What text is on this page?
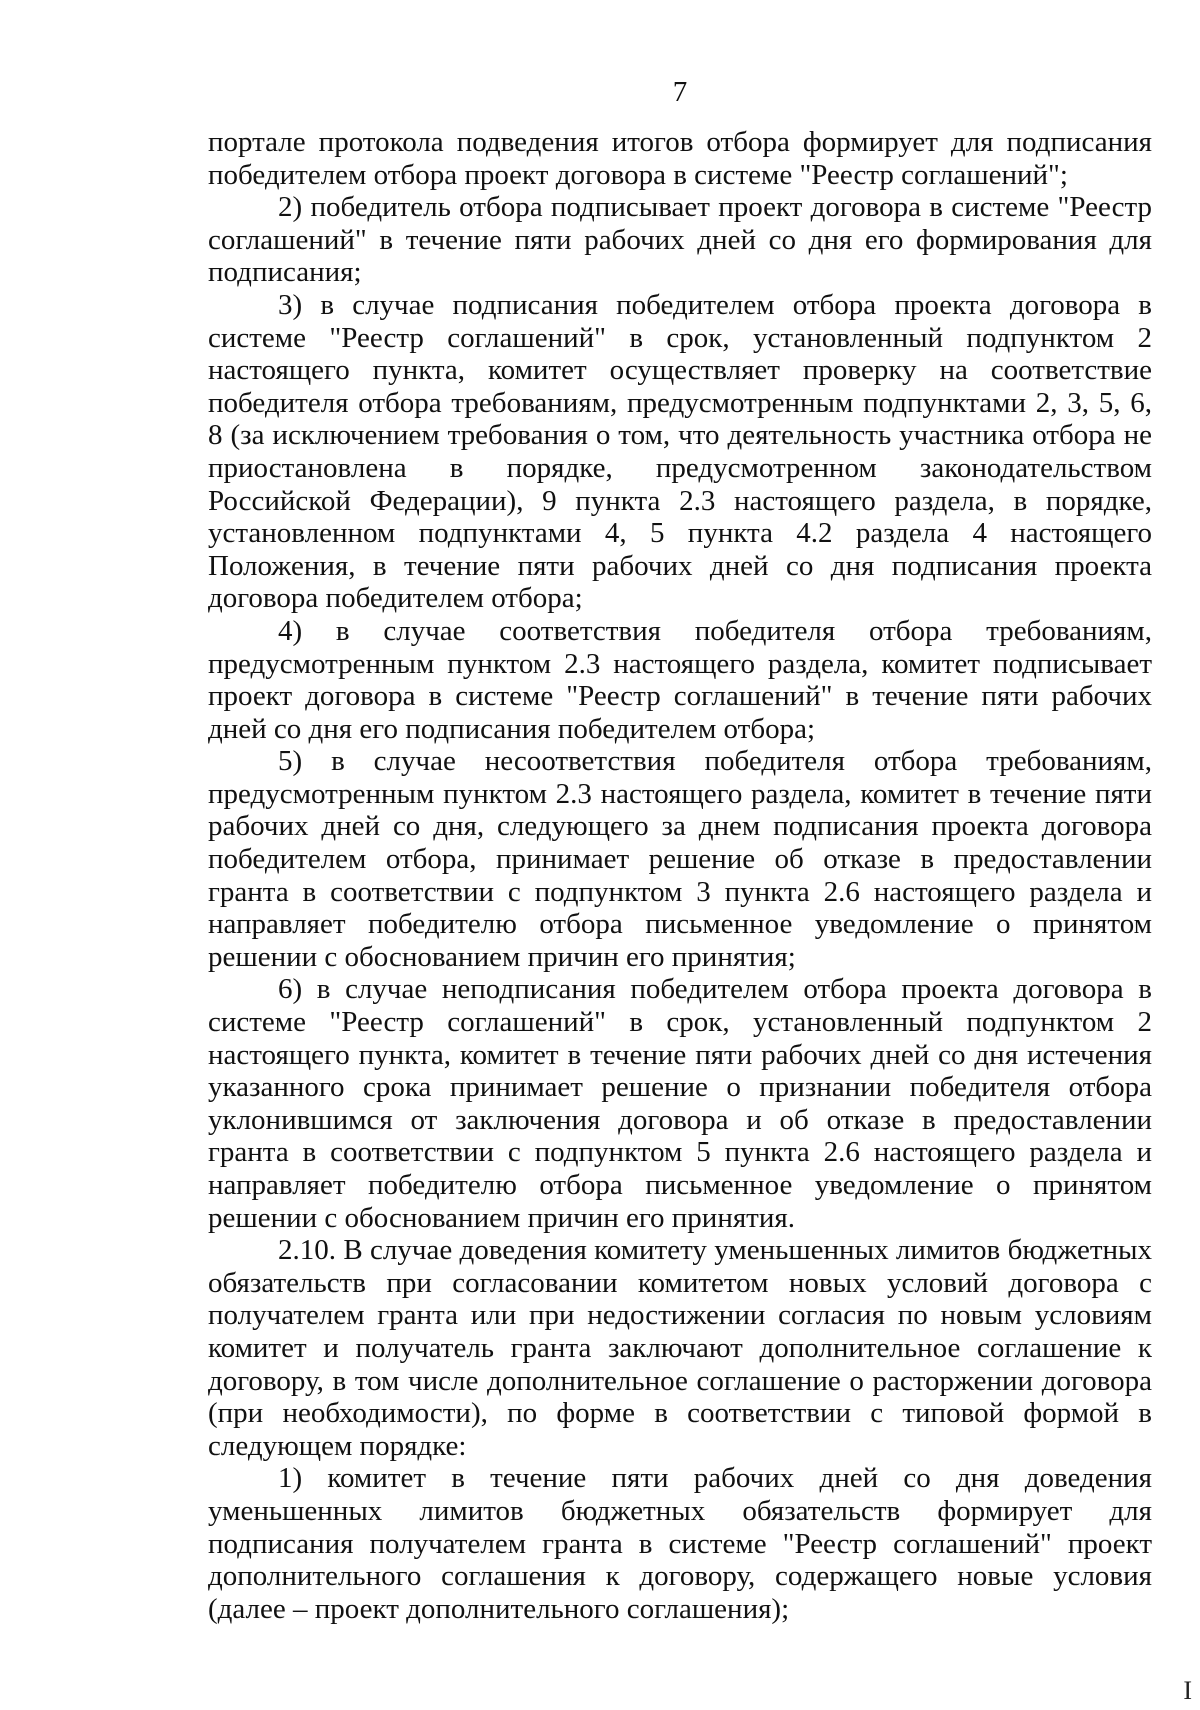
7

портале протокола подведения итогов отбора формирует для подписания победителем отбора проект договора в системе "Реестр соглашений";

2) победитель отбора подписывает проект договора в системе "Реестр соглашений" в течение пяти рабочих дней со дня его формирования для подписания;

3) в случае подписания победителем отбора проекта договора в системе "Реестр соглашений" в срок, установленный подпунктом 2 настоящего пункта, комитет осуществляет проверку на соответствие победителя отбора требованиям, предусмотренным подпунктами 2, 3, 5, 6, 8 (за исключением требования о том, что деятельность участника отбора не приостановлена в порядке, предусмотренном законодательством Российской Федерации), 9 пункта 2.3 настоящего раздела, в порядке, установленном подпунктами 4, 5 пункта 4.2 раздела 4 настоящего Положения, в течение пяти рабочих дней со дня подписания проекта договора победителем отбора;

4) в случае соответствия победителя отбора требованиям, предусмотренным пунктом 2.3 настоящего раздела, комитет подписывает проект договора в системе "Реестр соглашений" в течение пяти рабочих дней со дня его подписания победителем отбора;

5) в случае несоответствия победителя отбора требованиям, предусмотренным пунктом 2.3 настоящего раздела, комитет в течение пяти рабочих дней со дня, следующего за днем подписания проекта договора победителем отбора, принимает решение об отказе в предоставлении гранта в соответствии с подпунктом 3 пункта 2.6 настоящего раздела и направляет победителю отбора письменное уведомление о принятом решении с обоснованием причин его принятия;

6) в случае неподписания победителем отбора проекта договора в системе "Реестр соглашений" в срок, установленный подпунктом 2 настоящего пункта, комитет в течение пяти рабочих дней со дня истечения указанного срока принимает решение о признании победителя отбора уклонившимся от заключения договора и об отказе в предоставлении гранта в соответствии с подпунктом 5 пункта 2.6 настоящего раздела и направляет победителю отбора письменное уведомление о принятом решении с обоснованием причин его принятия.

2.10. В случае доведения комитету уменьшенных лимитов бюджетных обязательств при согласовании комитетом новых условий договора с получателем гранта или при недостижении согласия по новым условиям комитет и получатель гранта заключают дополнительное соглашение к договору, в том числе дополнительное соглашение о расторжении договора (при необходимости), по форме в соответствии с типовой формой в следующем порядке:

1) комитет в течение пяти рабочих дней со дня доведения уменьшенных лимитов бюджетных обязательств формирует для подписания получателем гранта в системе "Реестр соглашений" проект дополнительного соглашения к договору, содержащего новые условия (далее – проект дополнительного соглашения);

I
